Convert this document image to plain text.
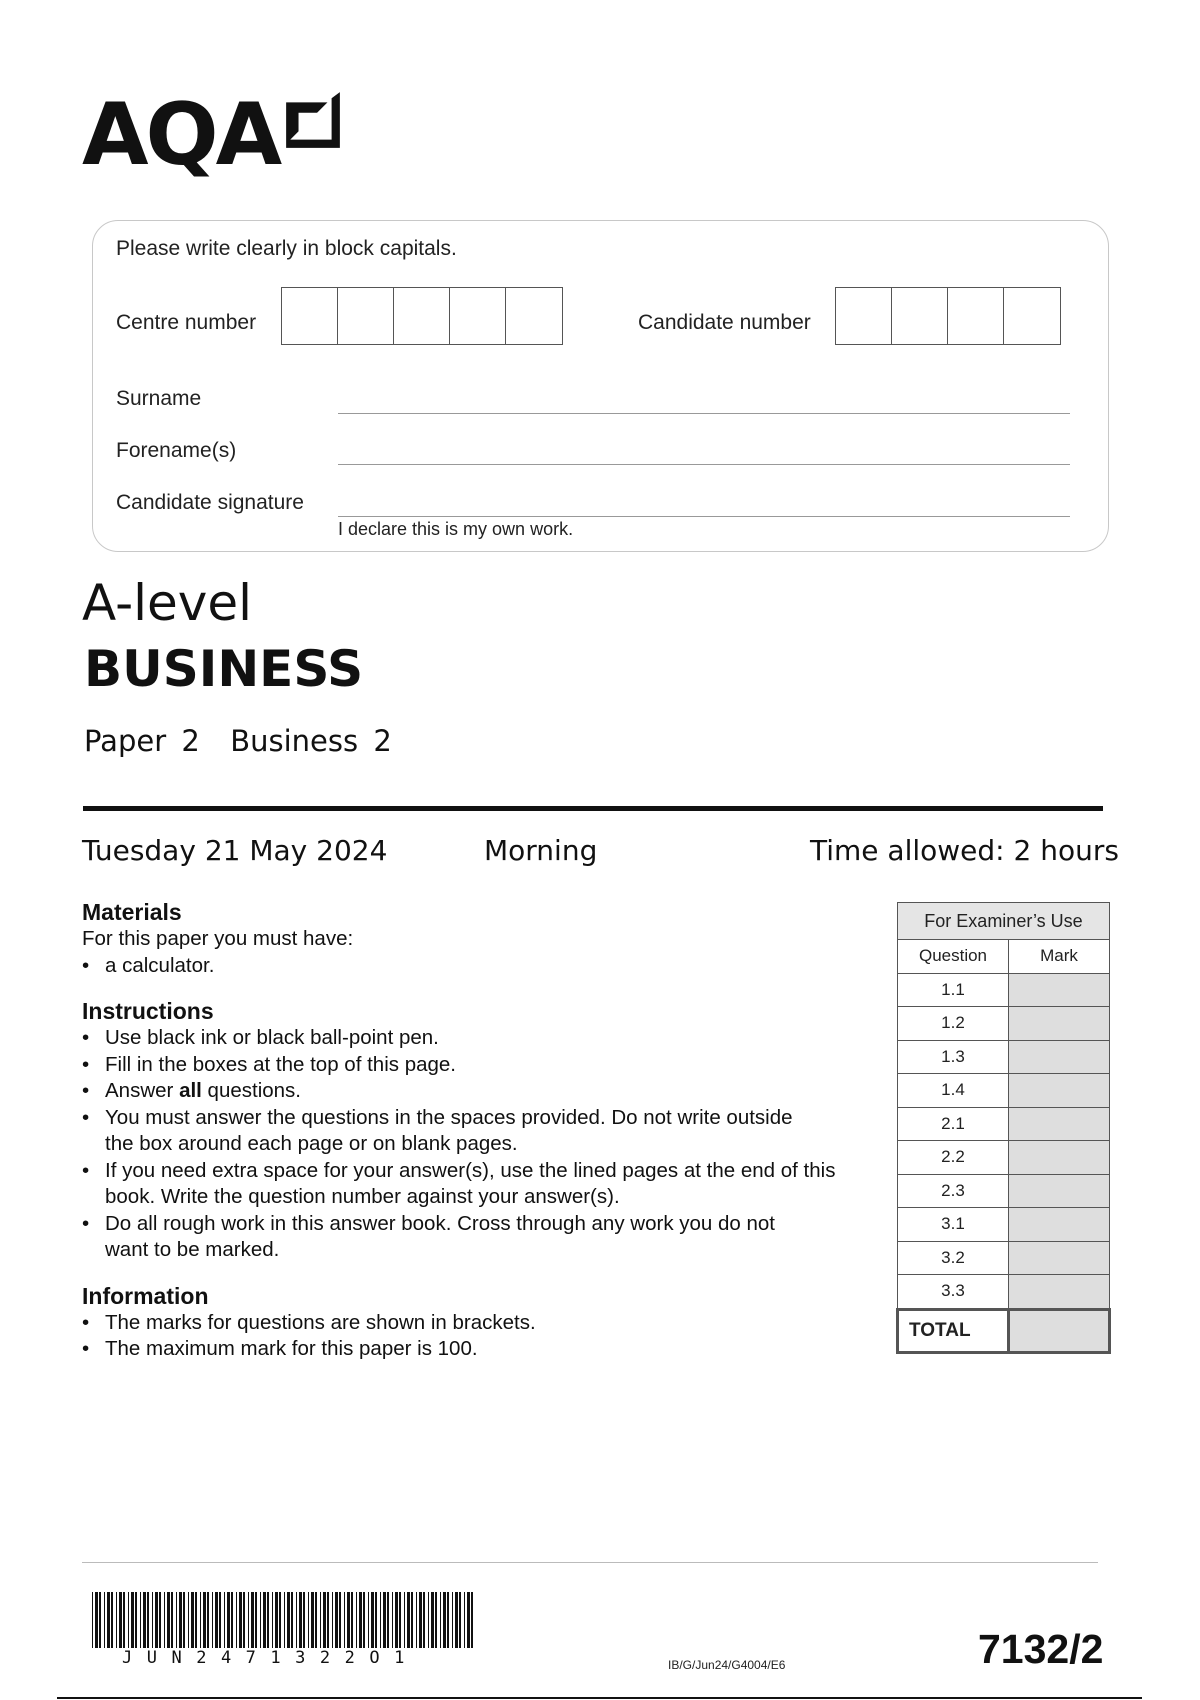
AQA
Please write clearly in block capitals.
Centre number	Candidate number
Surname
Forename(s)
Candidate signature
I declare this is my own work.
A-level
BUSINESS
Paper 2  Business 2
Tuesday 21 May 2024	Morning	Time allowed: 2 hours
Materials
For this paper you must have:
• a calculator.
Instructions
• Use black ink or black ball-point pen.
• Fill in the boxes at the top of this page.
• Answer all questions.
• You must answer the questions in the spaces provided. Do not write outside the box around each page or on blank pages.
• If you need extra space for your answer(s), use the lined pages at the end of this book. Write the question number against your answer(s).
• Do all rough work in this answer book. Cross through any work you do not want to be marked.
Information
• The marks for questions are shown in brackets.
• The maximum mark for this paper is 100.
For Examiner’s Use	
Question	Mark
1.1	
1.2	
1.3	
1.4	
2.1	
2.2	
2.3	
3.1	
3.2	
3.3	
TOTAL	
JUN2471322O1	IB/G/Jun24/G4004/E6	7132/2
